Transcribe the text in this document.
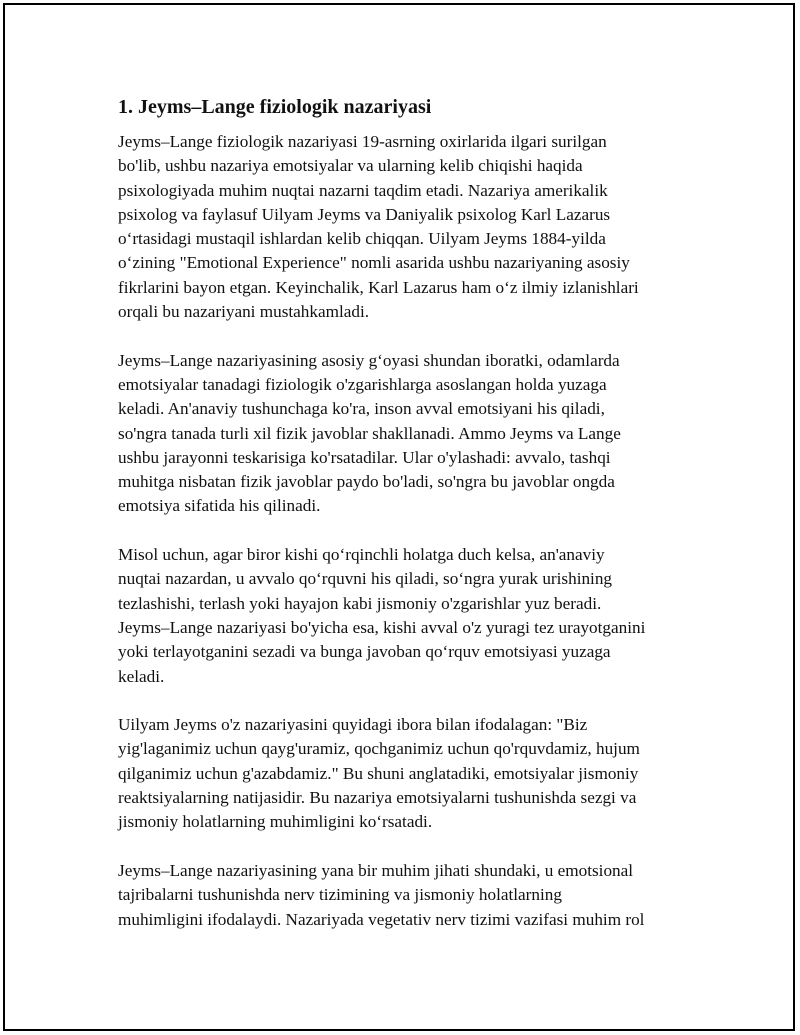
1. Jeyms–Lange fiziologik nazariyasi

Jeyms–Lange fiziologik nazariyasi 19-asrning oxirlarida ilgari surilgan
bo'lib, ushbu nazariya emotsiyalar va ularning kelib chiqishi haqida
psixologiyada muhim nuqtai nazarni taqdim etadi. Nazariya amerikalik
psixolog va faylasuf Uilyam Jeyms va Daniyalik psixolog Karl Lazarus
o‘rtasidagi mustaqil ishlardan kelib chiqqan. Uilyam Jeyms 1884-yilda
o‘zining "Emotional Experience" nomli asarida ushbu nazariyaning asosiy
fikrlarini bayon etgan. Keyinchalik, Karl Lazarus ham o‘z ilmiy izlanishlari
orqali bu nazariyani mustahkamladi.

Jeyms–Lange nazariyasining asosiy g‘oyasi shundan iboratki, odamlarda
emotsiyalar tanadagi fiziologik o'zgarishlarga asoslangan holda yuzaga
keladi. An'anaviy tushunchaga ko'ra, inson avval emotsiyani his qiladi,
so'ngra tanada turli xil fizik javoblar shakllanadi. Ammo Jeyms va Lange
ushbu jarayonni teskarisiga ko'rsatadilar. Ular o'ylashadi: avvalo, tashqi
muhitga nisbatan fizik javoblar paydo bo'ladi, so'ngra bu javoblar ongda
emotsiya sifatida his qilinadi.

Misol uchun, agar biror kishi qo‘rqinchli holatga duch kelsa, an'anaviy
nuqtai nazardan, u avvalo qo‘rquvni his qiladi, so‘ngra yurak urishining
tezlashishi, terlash yoki hayajon kabi jismoniy o'zgarishlar yuz beradi.
Jeyms–Lange nazariyasi bo'yicha esa, kishi avval o'z yuragi tez urayotganini
yoki terlayotganini sezadi va bunga javoban qo‘rquv emotsiyasi yuzaga
keladi.

Uilyam Jeyms o'z nazariyasini quyidagi ibora bilan ifodalagan: "Biz
yig'laganimiz uchun qayg'uramiz, qochganimiz uchun qo'rquvdamiz, hujum
qilganimiz uchun g'azabdamiz." Bu shuni anglatadiki, emotsiyalar jismoniy
reaktsiyalarning natijasidir. Bu nazariya emotsiyalarni tushunishda sezgi va
jismoniy holatlarning muhimligini ko‘rsatadi.

Jeyms–Lange nazariyasining yana bir muhim jihati shundaki, u emotsional
tajribalarni tushunishda nerv tizimining va jismoniy holatlarning
muhimligini ifodalaydi. Nazariyada vegetativ nerv tizimi vazifasi muhim rol
